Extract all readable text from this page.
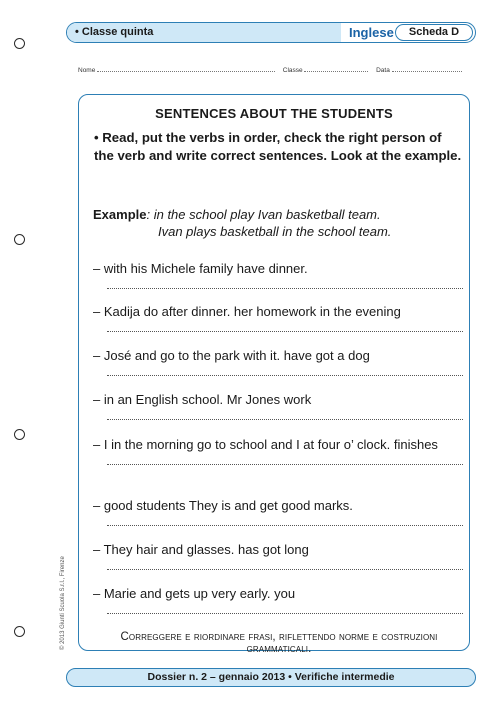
• Classe quinta	Inglese	Scheda D
Nome	Classe	Data
SENTENCES ABOUT THE STUDENTS
• Read, put the verbs in order, check the right person of the verb and write correct sentences. Look at the example.
Example: in the school play Ivan basketball team.
Ivan plays basketball in the school team.
– with his Michele family have dinner.
– Kadija do after dinner. her homework in the evening
– José and go to the park with it. have got a dog
– in an English school. Mr Jones work
– I in the morning go to school and I at four o’ clock. finishes
– good students They is and get good marks.
– They hair and glasses. has got long
– Marie and gets up very early. you
Correggere e riordinare frasi, riflettendo norme e costruzioni grammaticali.
Dossier n. 2 – gennaio 2013 • Verifiche intermedie
© 2013 Giunti Scuola S.r.l., Firenze
